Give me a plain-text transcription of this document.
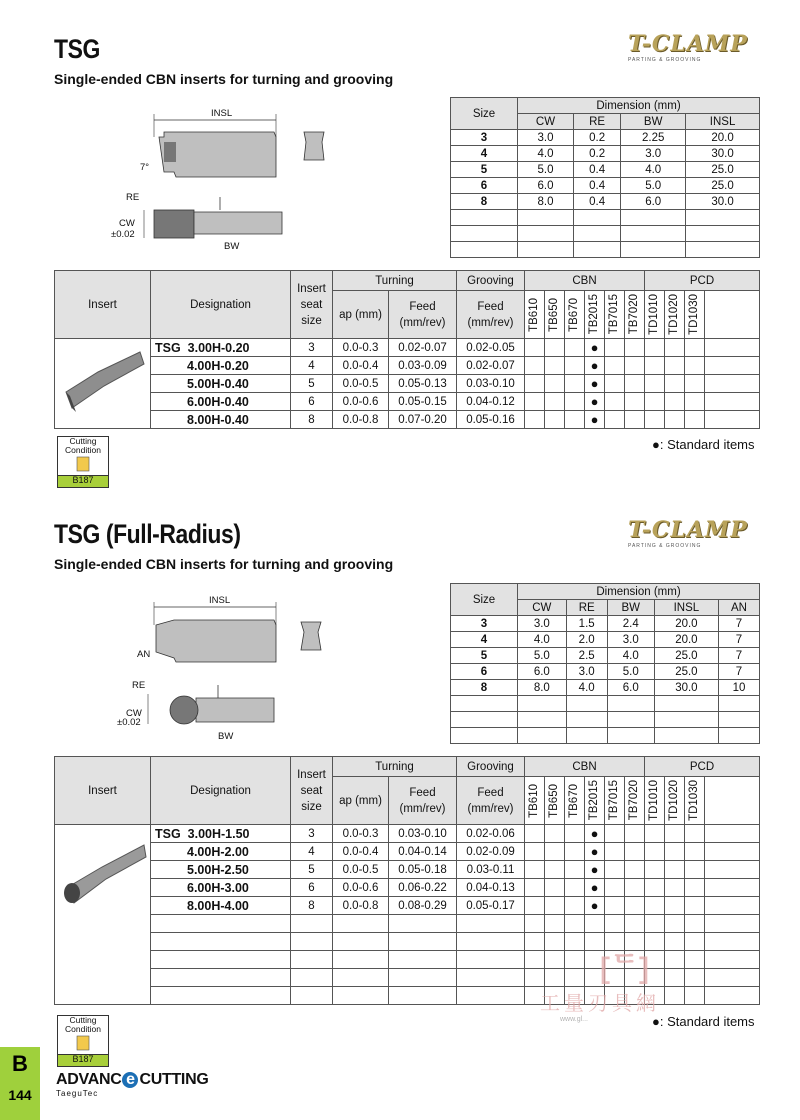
TSG
Single-ended CBN inserts for turning and grooving
T-CLAMP
PARTING & GROOVING
INSL
7°
RE
CW
±0.02
BW
Size	Dimension (mm)			
	CW	RE	BW	INSL
3	3.0	0.2	2.25	20.0
4	4.0	0.2	3.0	30.0
5	5.0	0.4	4.0	25.0
6	6.0	0.4	5.0	25.0
8	8.0	0.4	6.0	30.0

Insert	Designation	Insert seat size	Turning		Grooving	CBN						PCD			
			ap (mm)	Feed (mm/rev)	Feed (mm/rev)	TB610	TB650	TB670	TB2015	TB7015	TB7020	TD1010	TD1020	TD1030	

	TSG 3.00H-0.20	3	0.0-0.3	0.02-0.07	0.02-0.05				●						
	4.00H-0.20	4	0.0-0.4	0.03-0.09	0.02-0.07				●						
	5.00H-0.40	5	0.0-0.5	0.05-0.13	0.03-0.10				●						
	6.00H-0.40	6	0.0-0.6	0.05-0.15	0.04-0.12				●						
	8.00H-0.40	8	0.0-0.8	0.07-0.20	0.05-0.16				●						
Cutting
Condition
B187
●: Standard items
TSG (Full-Radius)
Single-ended CBN inserts for turning and grooving
T-CLAMP
PARTING & GROOVING
INSL
AN
RE
CW
±0.02
BW
Size	Dimension (mm)				
	CW	RE	BW	INSL	AN
3	3.0	1.5	2.4	20.0	7
4	4.0	2.0	3.0	20.0	7
5	5.0	2.5	4.0	25.0	7
6	6.0	3.0	5.0	25.0	7
8	8.0	4.0	6.0	30.0	10

Insert	Designation	Insert seat size	Turning		Grooving	CBN						PCD			
			ap (mm)	Feed (mm/rev)	Feed (mm/rev)	TB610	TB650	TB670	TB2015	TB7015	TB7020	TD1010	TD1020	TD1030	

	TSG 3.00H-1.50	3	0.0-0.3	0.03-0.10	0.02-0.06				●						
	4.00H-2.00	4	0.0-0.4	0.04-0.14	0.02-0.09				●						
	5.00H-2.50	5	0.0-0.5	0.05-0.18	0.03-0.11				●						
	6.00H-3.00	6	0.0-0.6	0.06-0.22	0.04-0.13				●						
	8.00H-4.00	8	0.0-0.8	0.08-0.29	0.05-0.17				●						

[ᄃ]
工量刃具網
www.gl...
Cutting
Condition
B187
●: Standard items
B
144
ADVANC e CUTTING
TaeguTec
